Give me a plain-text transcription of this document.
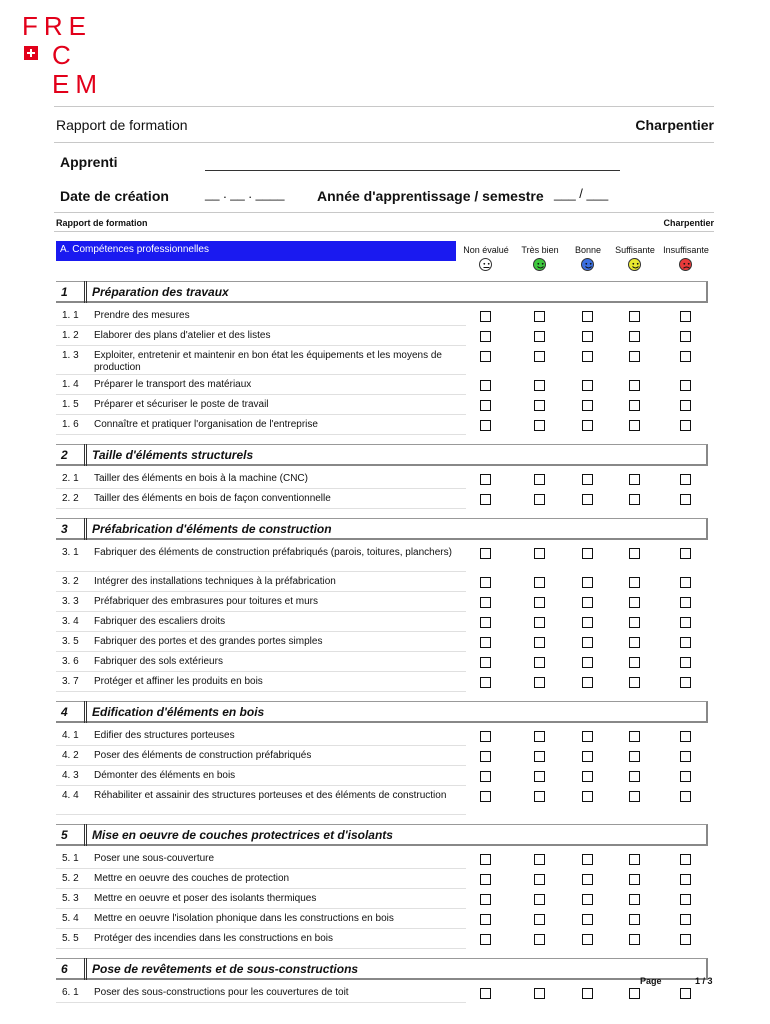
FRE
C
EM
Rapport de formation	Charpentier
Apprenti
Date de création	__ . __ . ____ Année d'apprentissage / semestre ___ / ___
Rapport de formation	Charpentier
A. Compétences professionnelles	Non évalué	Très bien	Bonne	Suffisante Insuffisante
1 Préparation des travaux
1. 1 Prendre des mesures
1. 2 Elaborer des plans d'atelier et des listes
1. 3 Exploiter, entretenir et maintenir en bon état les équipements et les moyens de production
1. 4 Préparer le transport des matériaux
1. 5 Préparer et sécuriser le poste de travail
1. 6 Connaître et pratiquer l'organisation de l'entreprise
2 Taille d'éléments structurels
2. 1 Tailler des éléments en bois à la machine (CNC)
2. 2 Tailler des éléments en bois de façon conventionnelle
3 Préfabrication d'éléments de construction
3. 1 Fabriquer des éléments de construction préfabriqués (parois, toitures, planchers)
3. 2 Intégrer des installations techniques à la préfabrication
3. 3 Préfabriquer des embrasures pour toitures et murs
3. 4 Fabriquer des escaliers droits
3. 5 Fabriquer des portes et des grandes portes simples
3. 6 Fabriquer des sols extérieurs
3. 7 Protéger et affiner les produits en bois
4 Edification d'éléments en bois
4. 1 Edifier des structures porteuses
4. 2 Poser des éléments de construction préfabriqués
4. 3 Démonter des éléments en bois
4. 4 Réhabiliter et assainir des structures porteuses et des éléments de construction
5 Mise en oeuvre de couches protectrices et d'isolants
5. 1 Poser une sous-couverture
5. 2 Mettre en oeuvre des couches de protection
5. 3 Mettre en oeuvre et poser des isolants thermiques
5. 4 Mettre en oeuvre l'isolation phonique dans les constructions en bois
5. 5 Protéger des incendies dans les constructions en bois
6 Pose de revêtements et de sous-constructions
6. 1 Poser des sous-constructions pour les couvertures de toit
Page	1 / 3
